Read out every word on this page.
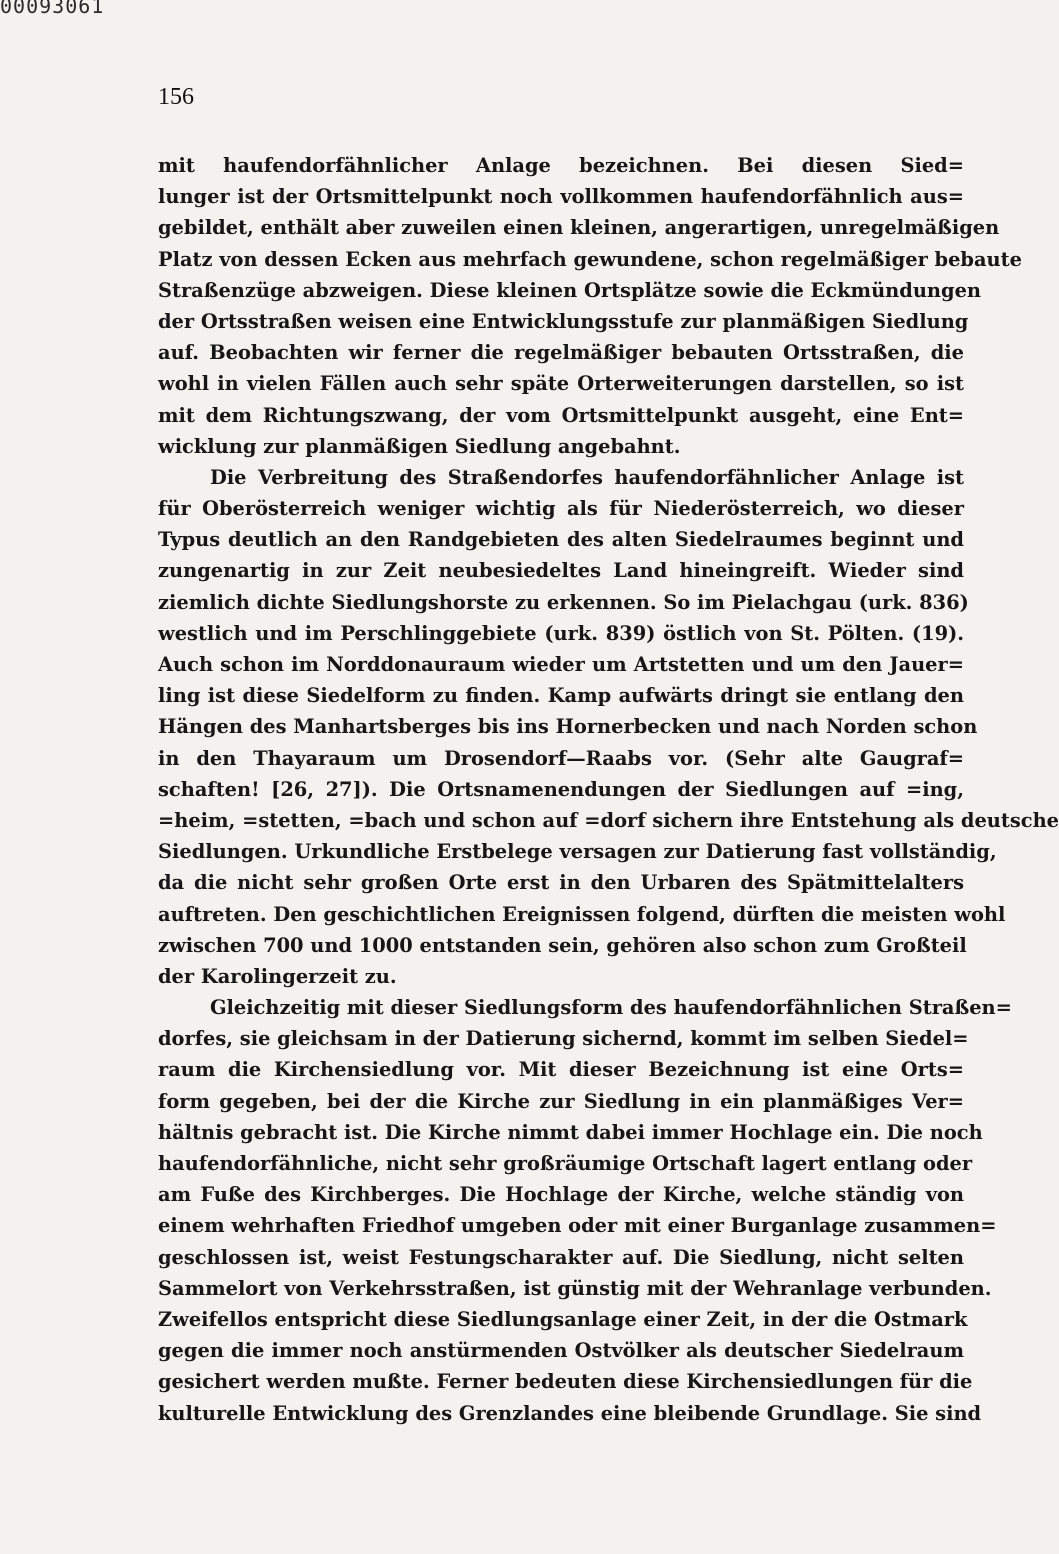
00093061
156
mit haufendorfähnlicher Anlage bezeichnen. Bei diesen Sied=
lunger ist der Ortsmittelpunkt noch vollkommen haufendorfähnlich aus=
gebildet, enthält aber zuweilen einen kleinen, angerartigen, unregelmäßigen
Platz von dessen Ecken aus mehrfach gewundene, schon regelmäßiger bebaute
Straßenzüge abzweigen. Diese kleinen Ortsplätze sowie die Eckmündungen
der Ortsstraßen weisen eine Entwicklungsstufe zur planmäßigen Siedlung
auf. Beobachten wir ferner die regelmäßiger bebauten Ortsstraßen, die
wohl in vielen Fällen auch sehr späte Orterweiterungen darstellen, so ist
mit dem Richtungszwang, der vom Ortsmittelpunkt ausgeht, eine Ent=
wicklung zur planmäßigen Siedlung angebahnt.
Die Verbreitung des Straßendorfes haufendorfähnlicher Anlage ist
für Oberösterreich weniger wichtig als für Niederösterreich, wo dieser
Typus deutlich an den Randgebieten des alten Siedelraumes beginnt und
zungenartig in zur Zeit neubesiedeltes Land hineingreift. Wieder sind
ziemlich dichte Siedlungshorste zu erkennen. So im Pielachgau (urk. 836)
westlich und im Perschlinggebiete (urk. 839) östlich von St. Pölten. (19).
Auch schon im Norddonauraum wieder um Artstetten und um den Jauer=
ling ist diese Siedelform zu finden. Kamp aufwärts dringt sie entlang den
Hängen des Manhartsberges bis ins Hornerbecken und nach Norden schon
in den Thayaraum um Drosendorf—Raabs vor. (Sehr alte Gaugraf=
schaften! [26, 27]). Die Ortsnamenendungen der Siedlungen auf =ing,
=heim, =stetten, =bach und schon auf =dorf sichern ihre Entstehung als deutsche
Siedlungen. Urkundliche Erstbelege versagen zur Datierung fast vollständig,
da die nicht sehr großen Orte erst in den Urbaren des Spätmittelalters
auftreten. Den geschichtlichen Ereignissen folgend, dürften die meisten wohl
zwischen 700 und 1000 entstanden sein, gehören also schon zum Großteil
der Karolingerzeit zu.
Gleichzeitig mit dieser Siedlungsform des haufendorfähnlichen Straßen=
dorfes, sie gleichsam in der Datierung sichernd, kommt im selben Siedel=
raum die Kirchensiedlung vor. Mit dieser Bezeichnung ist eine Orts=
form gegeben, bei der die Kirche zur Siedlung in ein planmäßiges Ver=
hältnis gebracht ist. Die Kirche nimmt dabei immer Hochlage ein. Die noch
haufendorfähnliche, nicht sehr großräumige Ortschaft lagert entlang oder
am Fuße des Kirchberges. Die Hochlage der Kirche, welche ständig von
einem wehrhaften Friedhof umgeben oder mit einer Burganlage zusammen=
geschlossen ist, weist Festungscharakter auf. Die Siedlung, nicht selten
Sammelort von Verkehrsstraßen, ist günstig mit der Wehranlage verbunden.
Zweifellos entspricht diese Siedlungsanlage einer Zeit, in der die Ostmark
gegen die immer noch anstürmenden Ostvölker als deutscher Siedelraum
gesichert werden mußte. Ferner bedeuten diese Kirchensiedlungen für die
kulturelle Entwicklung des Grenzlandes eine bleibende Grundlage. Sie sind
